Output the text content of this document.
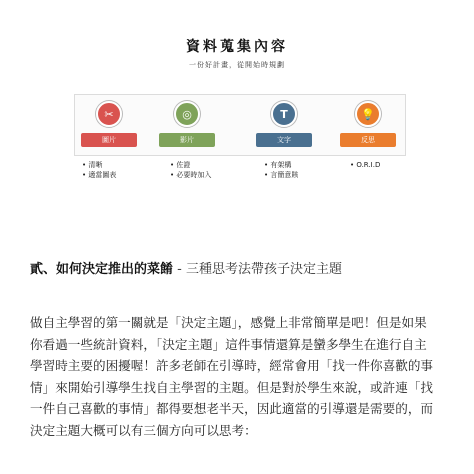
資料蒐集內容
一份好計畫，從開始時規劃
✂
圖片
◎
影片
T
文字
💡
反思
• 清晰
• 適當圖表
• 佐證
• 必要時加入
• 有架構
• 言簡意賅
• O.R.I.D
貳、如何決定推出的菜餚 - 三種思考法帶孩子決定主題

做自主學習的第一關就是「決定主題」，感覺上非常簡單是吧！但是如果
你看過一些統計資料，「決定主題」這件事情還算是蠻多學生在進行自主
學習時主要的困擾喔！許多老師在引導時，經常會用「找一件你喜歡的事
情」來開始引導學生找自主學習的主題。但是對於學生來說，或許連「找
一件自己喜歡的事情」都得要想老半天，因此適當的引導還是需要的，而
決定主題大概可以有三個方向可以思考：
